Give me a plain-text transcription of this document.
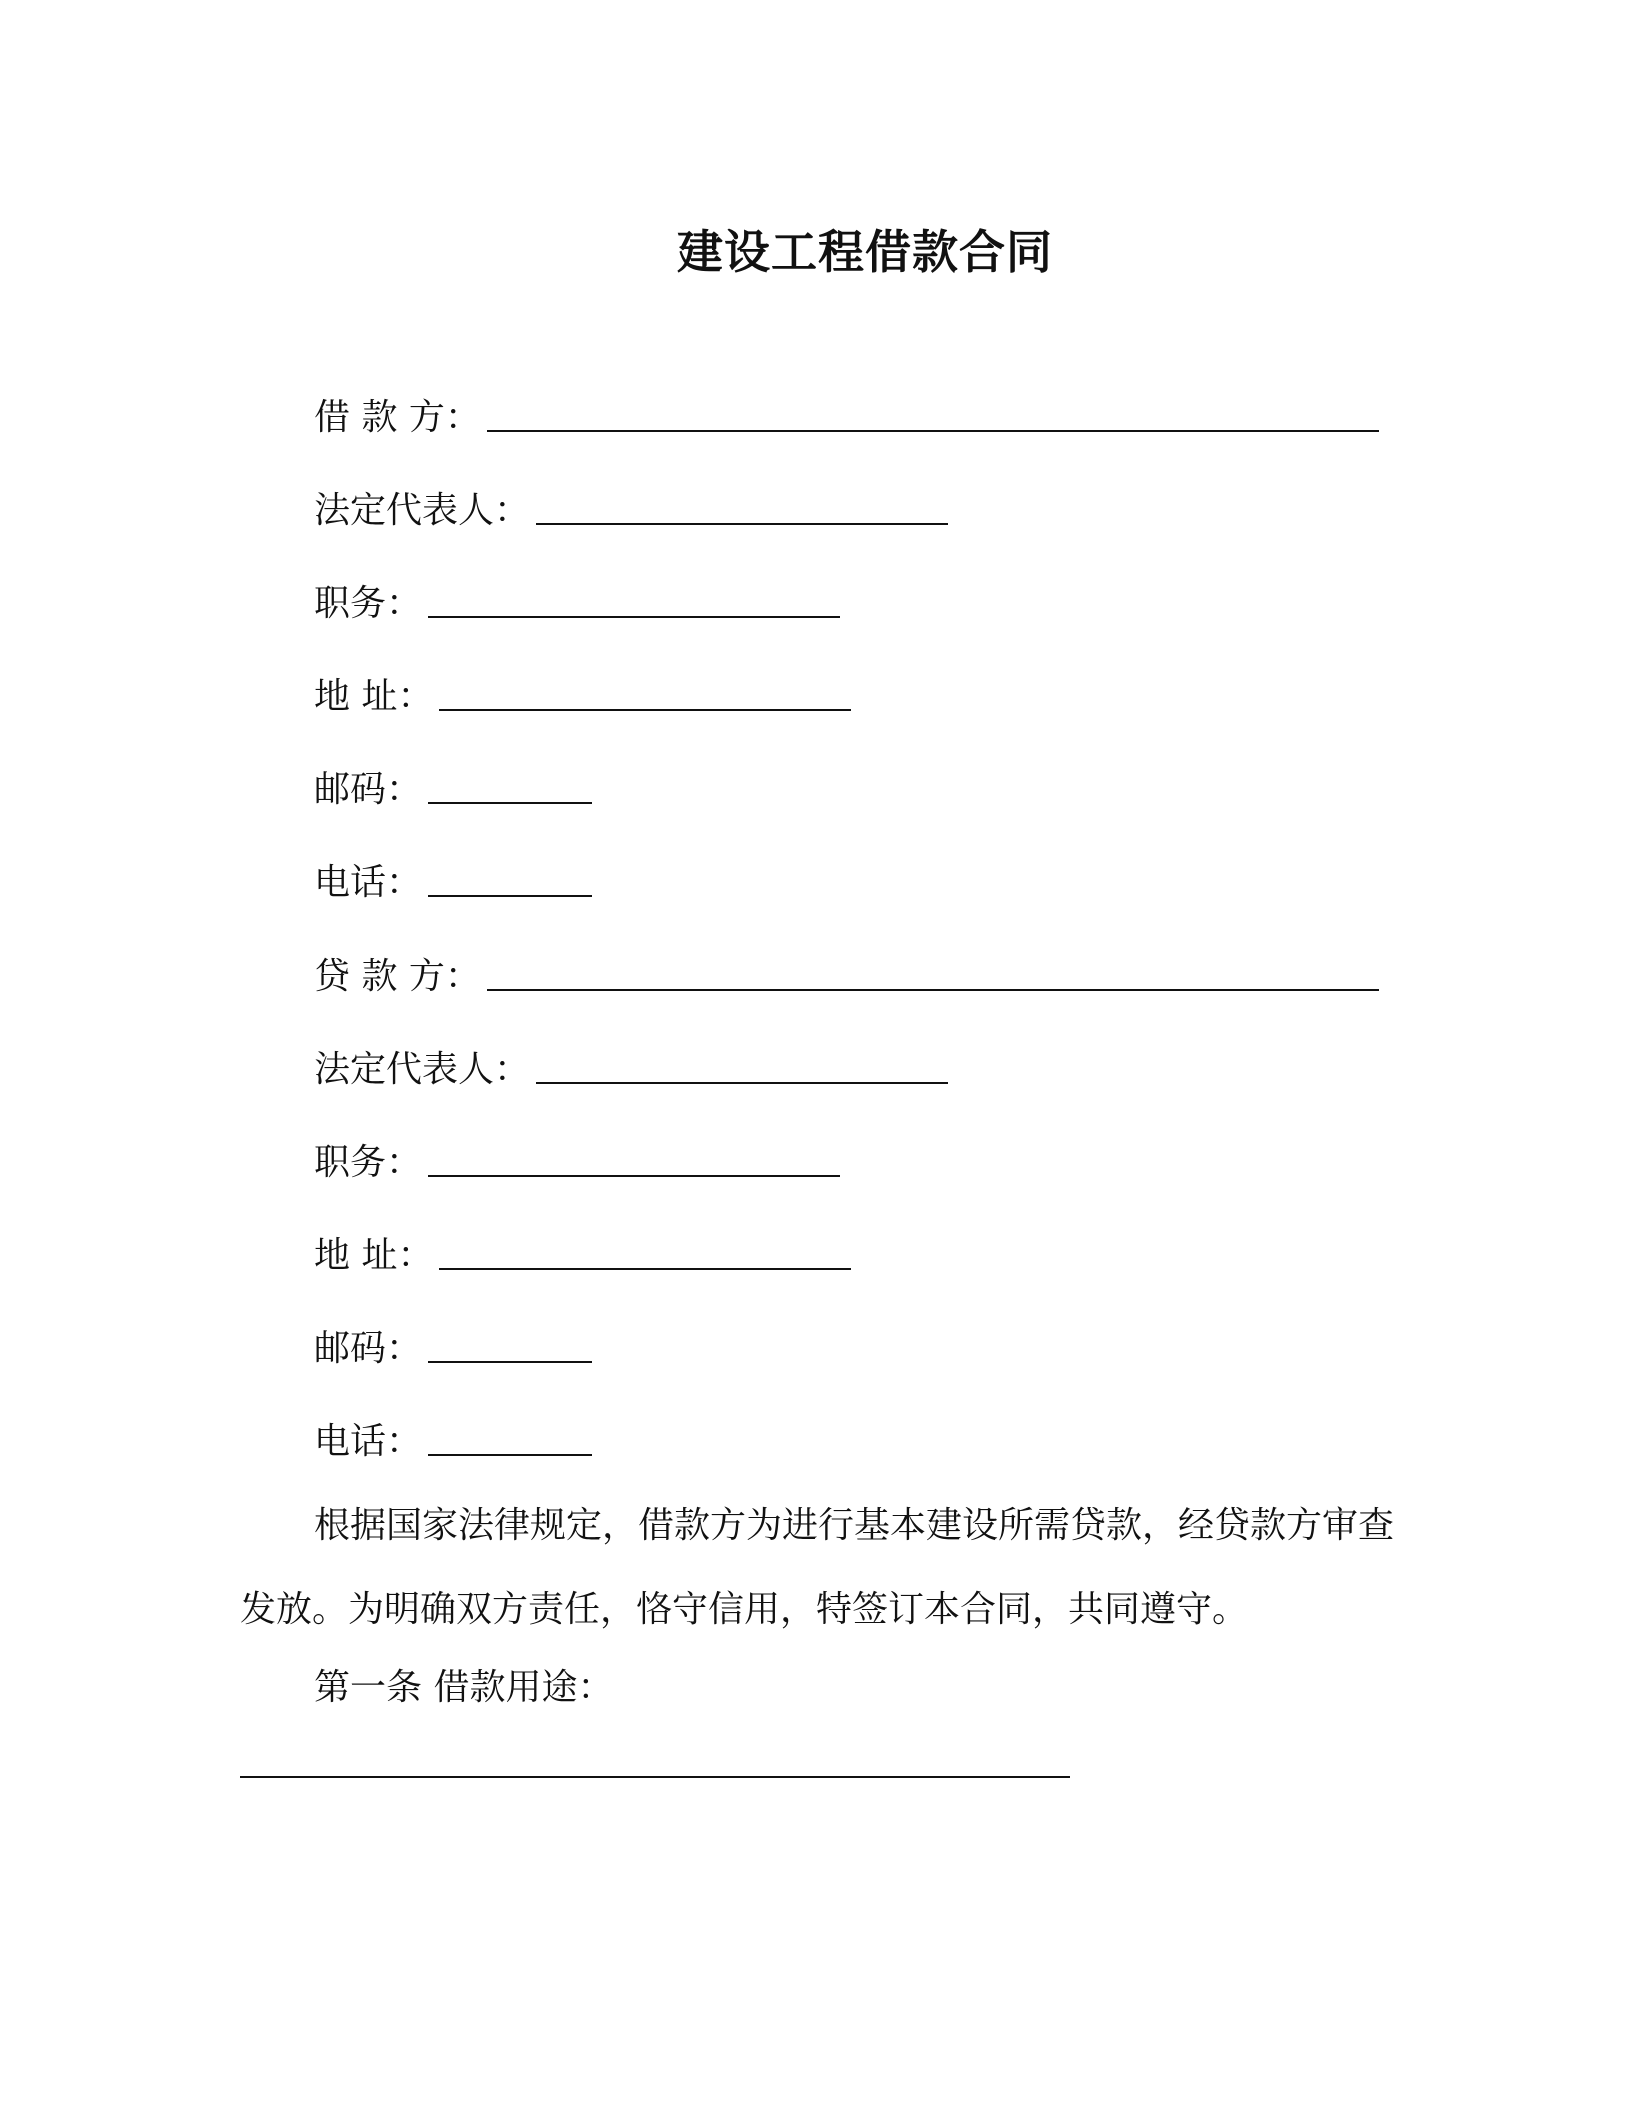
建设工程借款合同
借 款 方：
法定代表人：
职务：
地 址：
邮码：
电话：
贷 款 方：
法定代表人：
职务：
地 址：
邮码：
电话：
根据国家法律规定，借款方为进行基本建设所需贷款，经贷款方审查发放。为明确双方责任，恪守信用，特签订本合同，共同遵守。
第一条 借款用途：
